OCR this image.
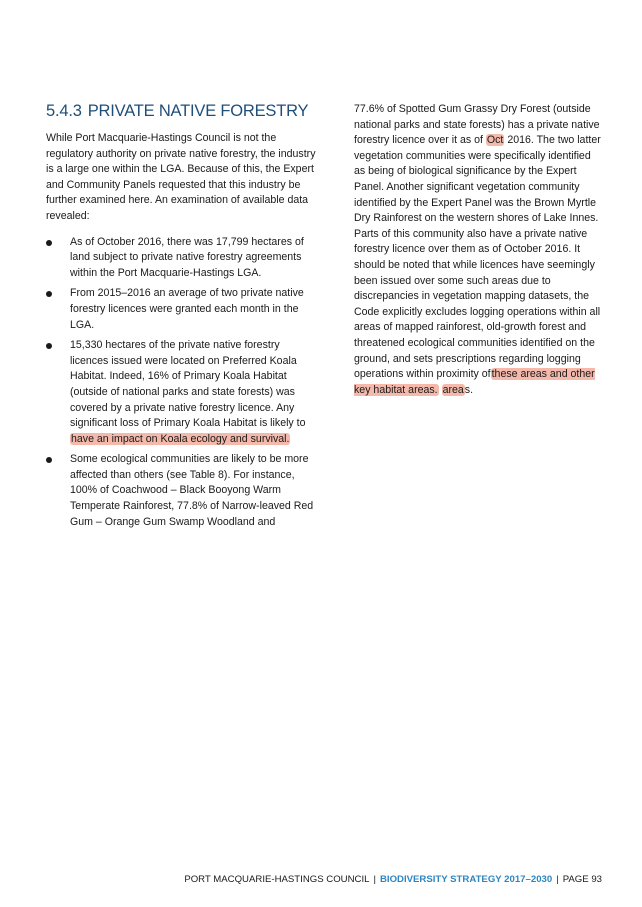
5.4.3 PRIVATE NATIVE FORESTRY

While Port Macquarie-Hastings Council is not the regulatory authority on private native forestry, the industry is a large one within the LGA. Because of this, the Expert and Community Panels requested that this industry be further examined here. An examination of available data revealed:

As of October 2016, there was 17,799 hectares of land subject to private native forestry agreements within the Port Macquarie-Hastings LGA.
From 2015–2016 an average of two private native forestry licences were granted each month in the LGA.
15,330 hectares of the private native forestry licences issued were located on Preferred Koala Habitat. Indeed, 16% of Primary Koala Habitat (outside of national parks and state forests) was covered by a private native forestry licence. Any significant loss of Primary Koala Habitat is likely to have an impact on Koala ecology and survival.
Some ecological communities are likely to be more affected than others (see Table 8). For instance, 100% of Coachwood – Black Booyong Warm Temperate Rainforest, 77.8% of Narrow-leaved Red Gum – Orange Gum Swamp Woodland and

77.6% of Spotted Gum Grassy Dry Forest (outside national parks and state forests) has a private native forestry licence over it as of Oct 2016. The two latter vegetation communities were specifically identified as being of biological significance by the Expert Panel. Another significant vegetation community identified by the Expert Panel was the Brown Myrtle Dry Rainforest on the western shores of Lake Innes. Parts of this community also have a private native forestry licence over them as of October 2016. It should be noted that while licences have seemingly been issued over some such areas due to discrepancies in vegetation mapping datasets, the Code explicitly excludes logging operations within all areas of mapped rainforest, old-growth forest and threatened ecological communities identified on the ground, and sets prescriptions regarding logging operations within proximity ofthese areas and other key habitat areas. areas.

PORT MACQUARIE-HASTINGS COUNCIL | BIODIVERSITY STRATEGY 2017–2030 | PAGE 93
